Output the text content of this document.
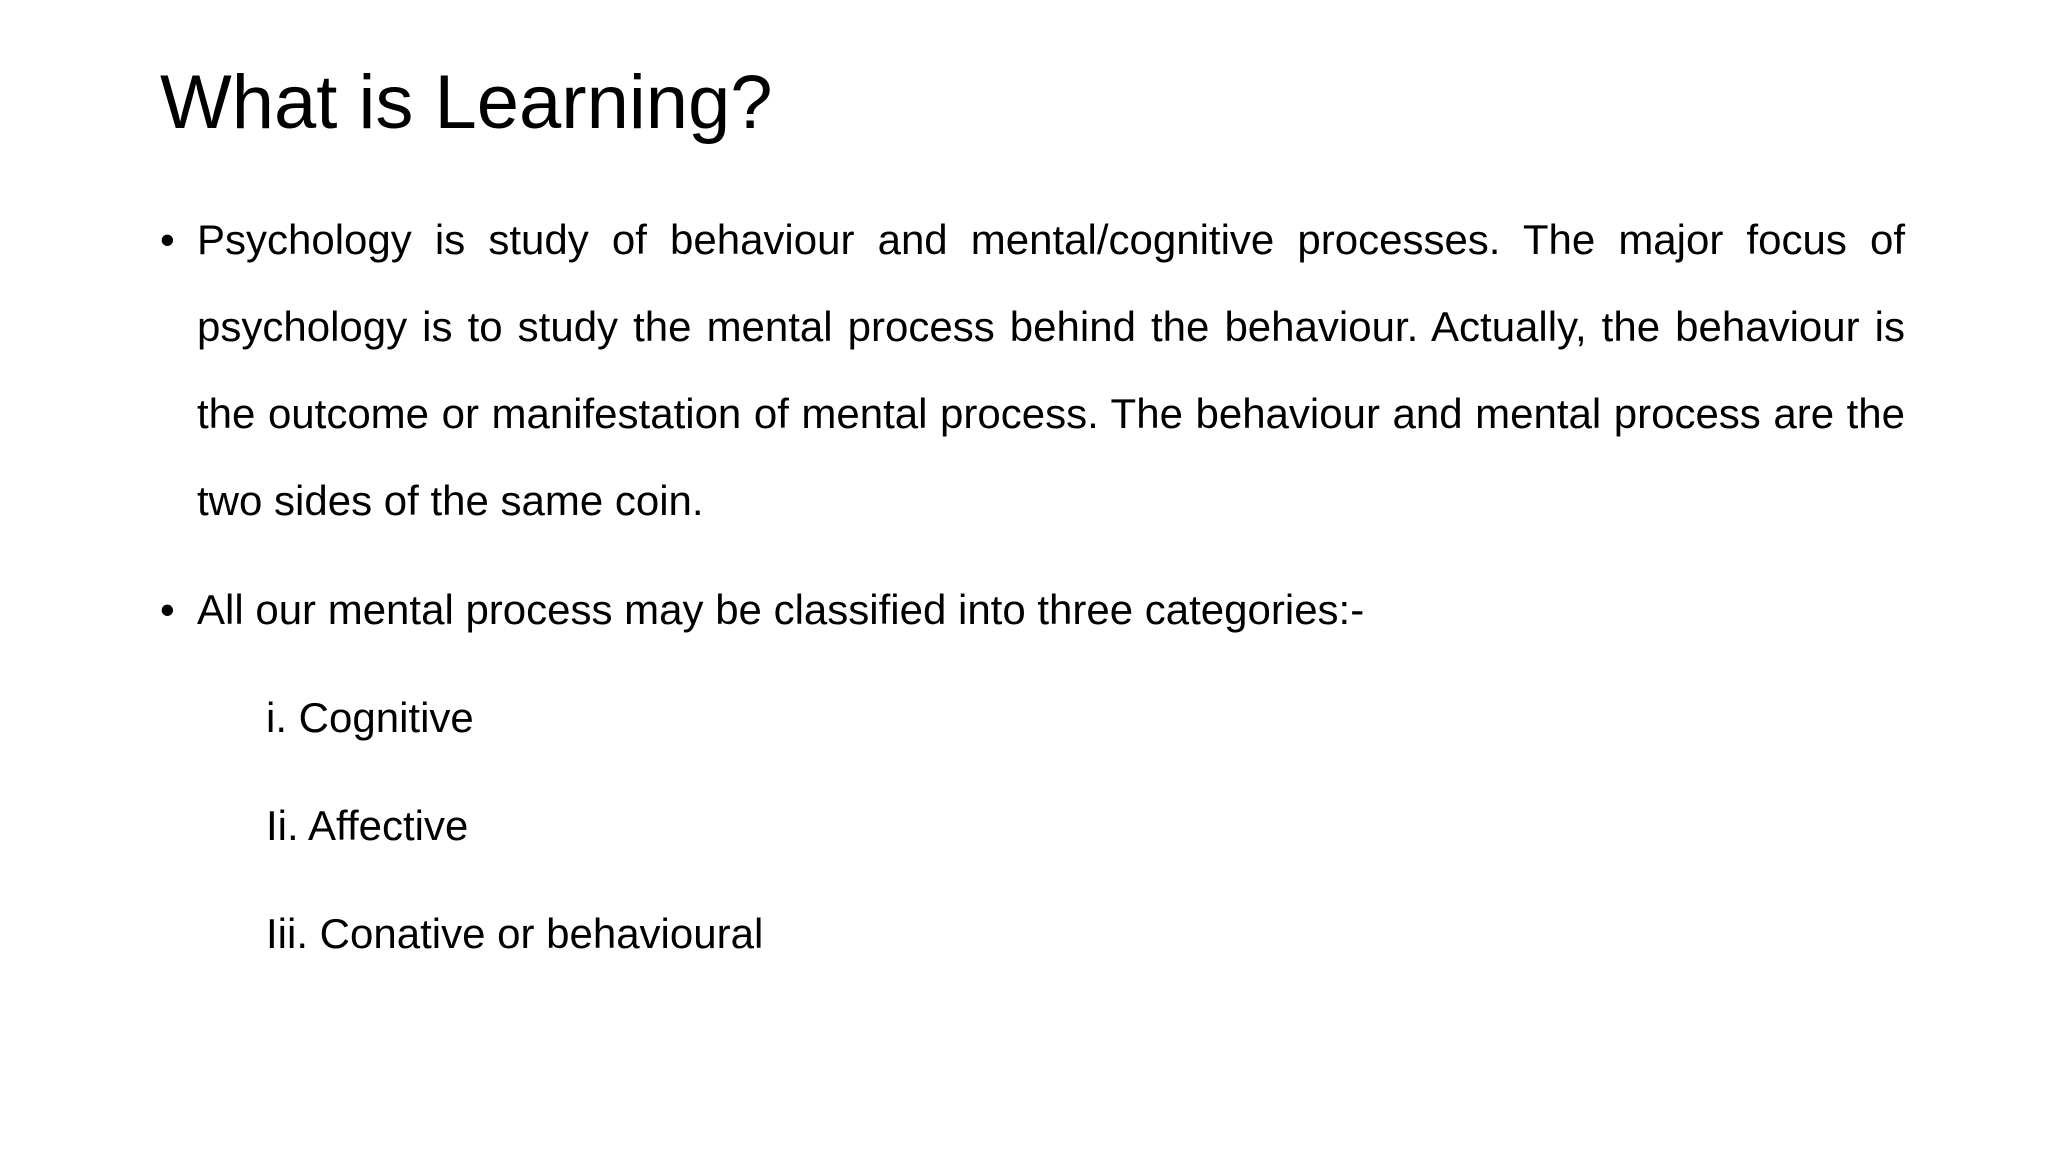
What is Learning?
• Psychology is study of behaviour and mental/cognitive processes. The major focus of psychology is to study the mental process behind the behaviour. Actually, the behaviour is the outcome or manifestation of mental process. The behaviour and mental process are the two sides of the same coin.
• All our mental process may be classified into three categories:-
i. Cognitive
Ii. Affective
Iii. Conative or behavioural
